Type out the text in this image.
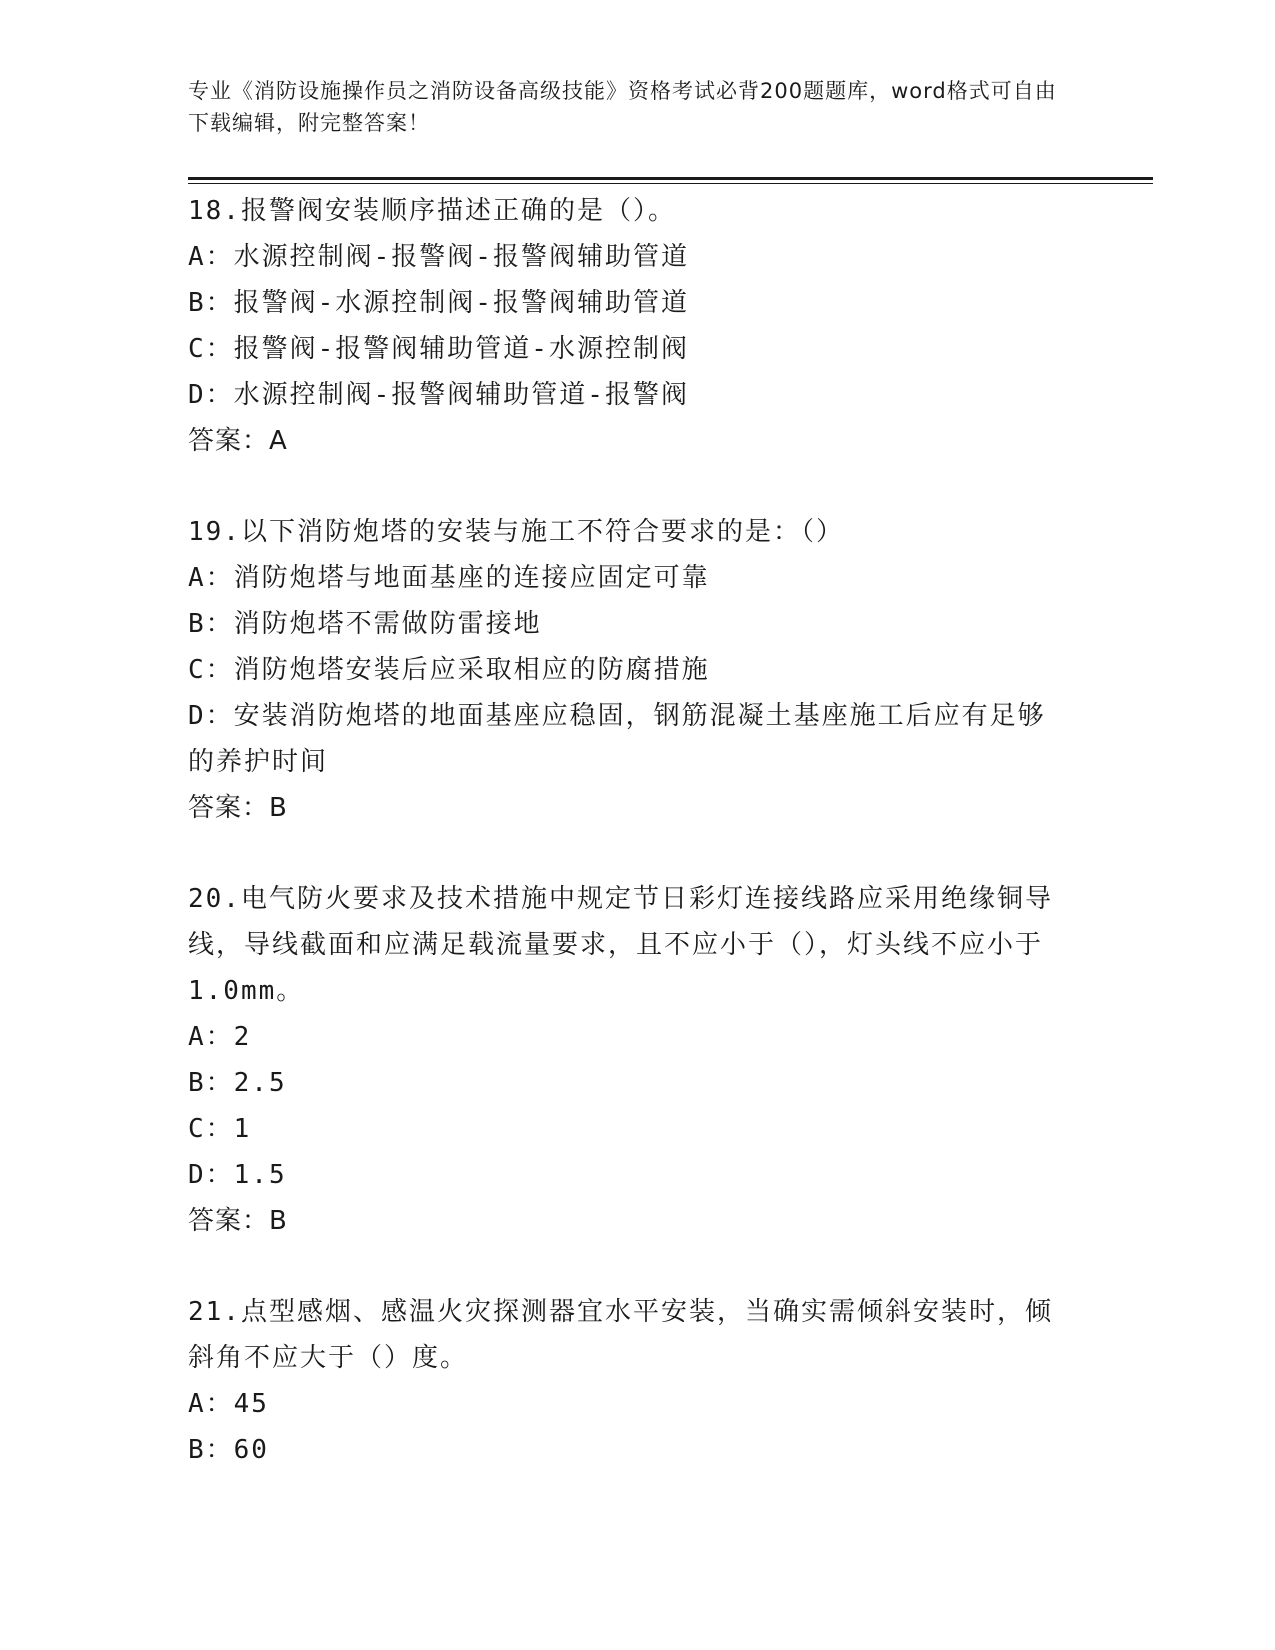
专业《消防设施操作员之消防设备高级技能》资格考试必背200题题库，word格式可自由下载编辑，附完整答案！

18.报警阀安装顺序描述正确的是（）。

A：水源控制阀-报警阀-报警阀辅助管道

B：报警阀-水源控制阀-报警阀辅助管道

C：报警阀-报警阀辅助管道-水源控制阀

D：水源控制阀-报警阀辅助管道-报警阀

答案：A

19.以下消防炮塔的安装与施工不符合要求的是：（）

A：消防炮塔与地面基座的连接应固定可靠

B：消防炮塔不需做防雷接地

C：消防炮塔安装后应采取相应的防腐措施

D：安装消防炮塔的地面基座应稳固，钢筋混凝土基座施工后应有足够的养护时间

答案：B

20.电气防火要求及技术措施中规定节日彩灯连接线路应采用绝缘铜导线，导线截面和应满足载流量要求，且不应小于（），灯头线不应小于1.0mm。

A：2

B：2.5

C：1

D：1.5

答案：B

21.点型感烟、感温火灾探测器宜水平安装，当确实需倾斜安装时，倾斜角不应大于（）度。

A：45

B：60
